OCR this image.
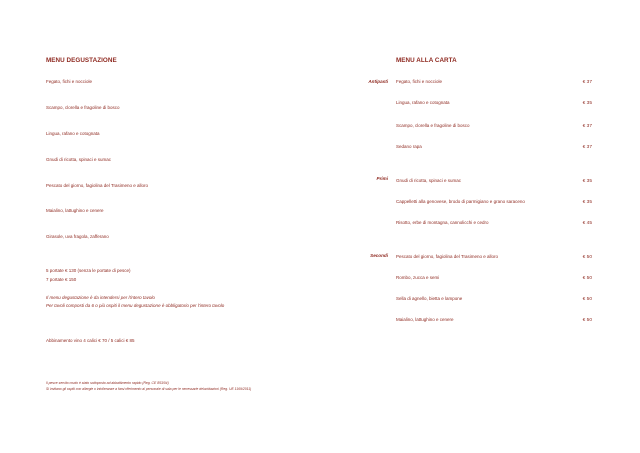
MENU DEGUSTAZIONE
Fegato, fichi e nocciole
Scampo, clorella e fragoline di bosco
Lingua, rafano e cotognata
Gnudi di ricotta, spinaci e sumac
Pescato del giorno, fagiolina del Trasimeno e alloro
Maialino, lattughino e cenere
Girasole, uva fragola, zafferano
5 portate € 130 (senza le portate di pesce)
7 portate € 150
Il menu degustazione è da intendersi per l'intero tavolo
Per tavoli composti da 6 o più ospiti il menu degustazione è obbligatorio per l'intero tavolo
Abbinamento vino 4 calici € 70 / 5 calici € 85
Il pesce servito crudo è stato sottoposto ad abbattimento rapido (Reg. CE 853/04)
Si invitano gli ospiti con allergie o intolleranze a farsi riferimento al personale di sala per le necessarie delucidazioni (Reg. UE 1169/2011)
MENU ALLA CARTA
Antipasti Fegato, fichi e nocciole	€ 37
Lingua, rafano e cotognata	€ 35
Scampo, clorella e fragoline di bosco	€ 37
Sedano rapa	€ 37
Primi Gnudi di ricotta, spinaci e sumac	€ 35
Cappelletti alla genovese, brodo di parmigiano e grano saraceno	€ 35
Risotto, erbe di montagna, cannolicchi e cedro	€ 45
Secondi Pescato del giorno, fagiolina del Trasimeno e alloro	€ 50
Rombo, zucca e semi	€ 50
Sella di agnello, bietta e lampone	€ 50
Maialino, lattughino e cenere	€ 50
